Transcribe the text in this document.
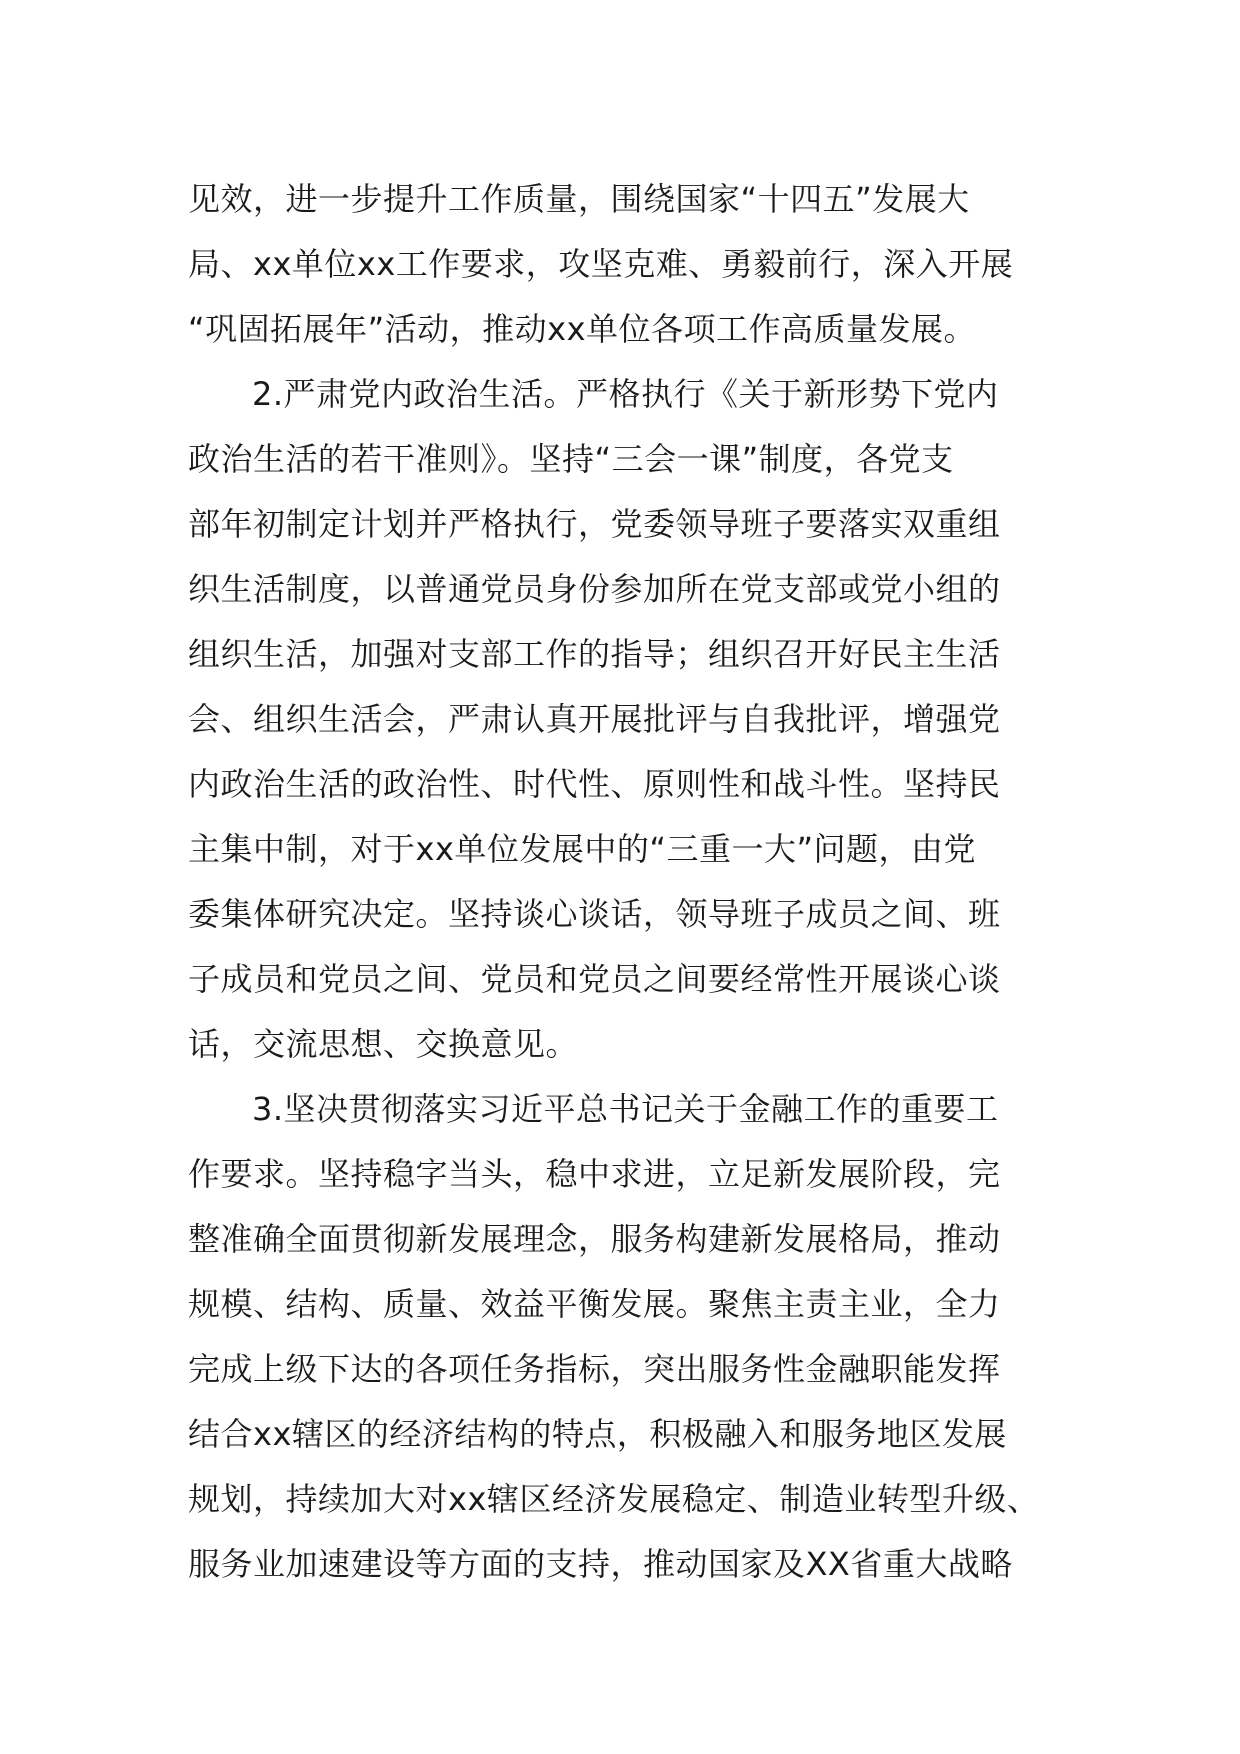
见效，进一步提升工作质量，围绕国家“十四五”发展大
局、xx单位xx工作要求，攻坚克难、勇毅前行，深入开展
“巩固拓展年”活动，推动xx单位各项工作高质量发展。
2.严肃党内政治生活。严格执行《关于新形势下党内
政治生活的若干准则》。坚持“三会一课”制度，各党支
部年初制定计划并严格执行，党委领导班子要落实双重组
织生活制度，以普通党员身份参加所在党支部或党小组的
组织生活，加强对支部工作的指导；组织召开好民主生活
会、组织生活会，严肃认真开展批评与自我批评，增强党
内政治生活的政治性、时代性、原则性和战斗性。坚持民
主集中制，对于xx单位发展中的“三重一大”问题，由党
委集体研究决定。坚持谈心谈话，领导班子成员之间、班
子成员和党员之间、党员和党员之间要经常性开展谈心谈
话，交流思想、交换意见。
3.坚决贯彻落实习近平总书记关于金融工作的重要工
作要求。坚持稳字当头，稳中求进，立足新发展阶段，完
整准确全面贯彻新发展理念，服务构建新发展格局，推动
规模、结构、质量、效益平衡发展。聚焦主责主业，全力
完成上级下达的各项任务指标，突出服务性金融职能发挥
结合xx辖区的经济结构的特点，积极融入和服务地区发展
规划，持续加大对xx辖区经济发展稳定、制造业转型升级、
服务业加速建设等方面的支持，推动国家及XX省重大战略
